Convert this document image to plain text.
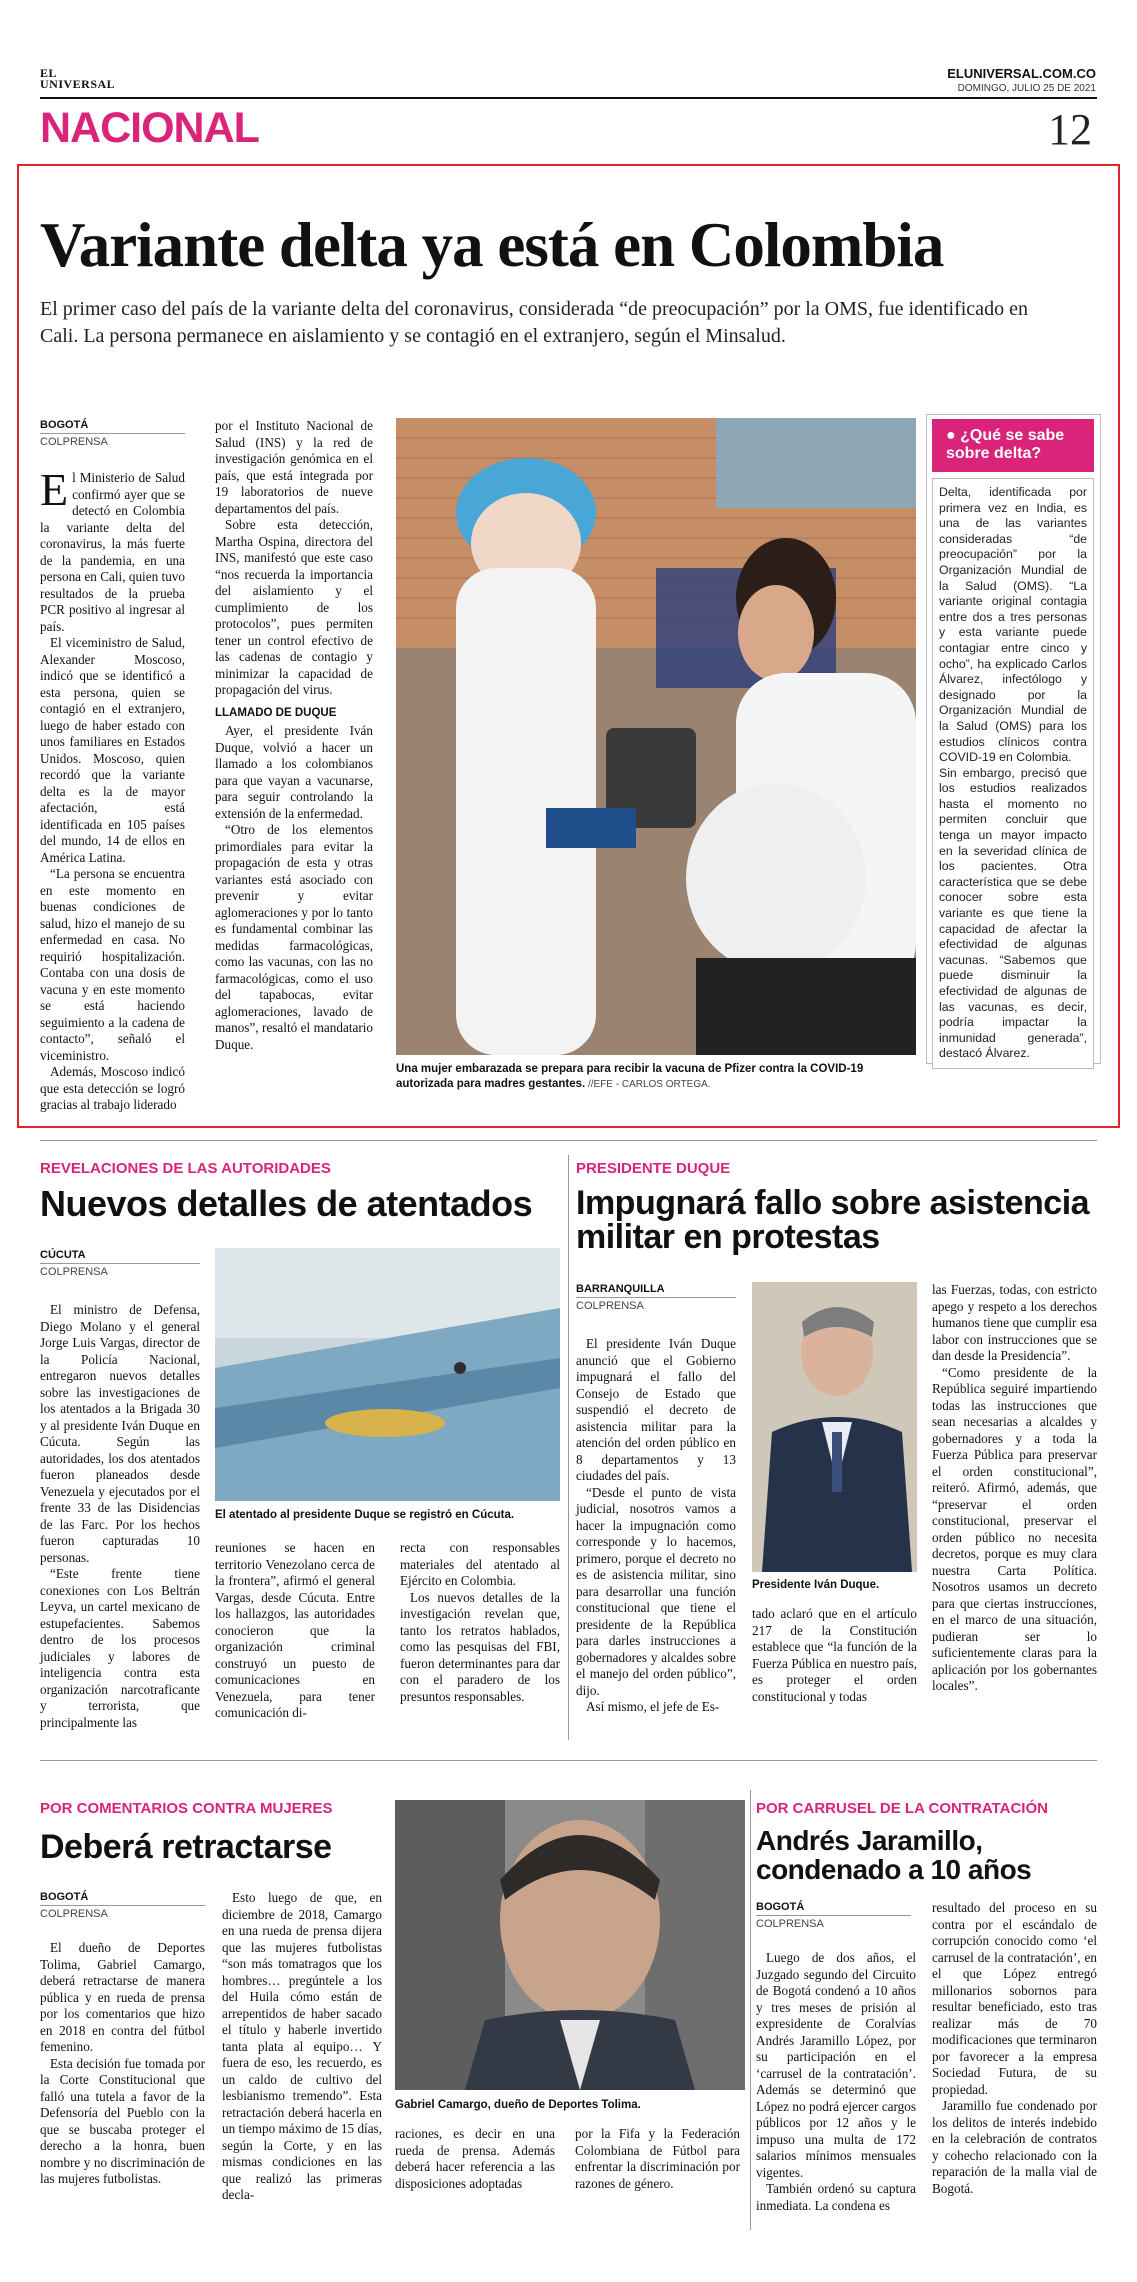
EL
UNIVERSAL
ELUNIVERSAL.COM.CO
DOMINGO, JULIO 25 DE 2021
NACIONAL	12
Variante delta ya está en Colombia
El primer caso del país de la variante delta del coronavirus, considerada “de preocupación” por la OMS, fue identificado en Cali. La persona permanece en aislamiento y se contagió en el extranjero, según el Minsalud.
BOGOTÁ
COLPRENSA

El Ministerio de Salud confirmó ayer que se detectó en Colombia la variante delta del coronavirus, la más fuerte de la pandemia, en una persona en Cali, quien tuvo resultados de la prueba PCR positivo al ingresar al país.

El viceministro de Salud, Alexander Moscoso, indicó que se identificó a esta persona, quien se contagió en el extranjero, luego de haber estado con unos familiares en Estados Unidos. Moscoso, quien recordó que la variante delta es la de mayor afectación, está identificada en 105 países del mundo, 14 de ellos en América Latina.

“La persona se encuentra en este momento en buenas condiciones de salud, hizo el manejo de su enfermedad en casa. No requirió hospitalización. Contaba con una dosis de vacuna y en este momento se está haciendo seguimiento a la cadena de contacto”, señaló el viceministro.

Además, Moscoso indicó que esta detección se logró gracias al trabajo liderado

por el Instituto Nacional de Salud (INS) y la red de investigación genómica en el país, que está integrada por 19 laboratorios de nueve departamentos del país.

Sobre esta detección, Martha Ospina, directora del INS, manifestó que este caso “nos recuerda la importancia del aislamiento y el cumplimiento de los protocolos”, pues permiten tener un control efectivo de las cadenas de contagio y minimizar la capacidad de propagación del virus.

LLAMADO DE DUQUE

Ayer, el presidente Iván Duque, volvió a hacer un llamado a los colombianos para que vayan a vacunarse, para seguir controlando la extensión de la enfermedad.

“Otro de los elementos primordiales para evitar la propagación de esta y otras variantes está asociado con prevenir y evitar aglomeraciones y por lo tanto es fundamental combinar las medidas farmacológicas, como las vacunas, con las no farmacológicas, como el uso del tapabocas, evitar aglomeraciones, lavado de manos”, resaltó el mandatario Duque.

Una mujer embarazada se prepara para recibir la vacuna de Pfizer contra la COVID-19 autorizada para madres gestantes. //EFE - CARLOS ORTEGA.
● ¿Qué se sabe sobre delta?

Delta, identificada por primera vez en India, es una de las variantes consideradas “de preocupación” por la Organización Mundial de la Salud (OMS). “La variante original contagia entre dos a tres personas y esta variante puede contagiar entre cinco y ocho”, ha explicado Carlos Álvarez, infectólogo y designado por la Organización Mundial de la Salud (OMS) para los estudios clínicos contra COVID-19 en Colombia.

Sin embargo, precisó que los estudios realizados hasta el momento no permiten concluir que tenga un mayor impacto en la severidad clínica de los pacientes. Otra característica que se debe conocer sobre esta variante es que tiene la capacidad de afectar la efectividad de algunas vacunas. “Sabemos que puede disminuir la efectividad de algunas de las vacunas, es decir, podría impactar la inmunidad generada”, destacó Álvarez.

REVELACIONES DE LAS AUTORIDADES
Nuevos detalles de atentados
CÚCUTA
COLPRENSA

El ministro de Defensa, Diego Molano y el general Jorge Luis Vargas, director de la Policía Nacional, entregaron nuevos detalles sobre las investigaciones de los atentados a la Brigada 30 y al presidente Iván Duque en Cúcuta. Según las autoridades, los dos atentados fueron planeados desde Venezuela y ejecutados por el frente 33 de las Disidencias de las Farc. Por los hechos fueron capturadas 10 personas.

“Este frente tiene conexiones con Los Beltrán Leyva, un cartel mexicano de estupefacientes. Sabemos dentro de los procesos judiciales y labores de inteligencia contra esta organización narcotraficante y terrorista, que principalmente las

El atentado al presidente Duque se registró en Cúcuta.

reuniones se hacen en territorio Venezolano cerca de la frontera”, afirmó el general Vargas, desde Cúcuta. Entre los hallazgos, las autoridades conocieron que la organización criminal construyó un puesto de comunicaciones en Venezuela, para tener comunicación di-

recta con responsables materiales del atentado al Ejército en Colombia.

Los nuevos detalles de la investigación revelan que, tanto los retratos hablados, como las pesquisas del FBI, fueron determinantes para dar con el paradero de los presuntos responsables.

PRESIDENTE DUQUE
Impugnará fallo sobre asistencia militar en protestas
BARRANQUILLA
COLPRENSA

El presidente Iván Duque anunció que el Gobierno impugnará el fallo del Consejo de Estado que suspendió el decreto de asistencia militar para la atención del orden público en 8 departamentos y 13 ciudades del país.

“Desde el punto de vista judicial, nosotros vamos a hacer la impugnación como corresponde y lo hacemos, primero, porque el decreto no es de asistencia militar, sino para desarrollar una función constitucional que tiene el presidente de la República para darles instrucciones a gobernadores y alcaldes sobre el manejo del orden público”, dijo.

Así mismo, el jefe de Es-

Presidente Iván Duque.

tado aclaró que en el artículo 217 de la Constitución establece que “la función de la Fuerza Pública en nuestro país, es proteger el orden constitucional y todas

las Fuerzas, todas, con estricto apego y respeto a los derechos humanos tiene que cumplir esa labor con instrucciones que se dan desde la Presidencia”.

“Como presidente de la República seguiré impartiendo todas las instrucciones que sean necesarias a alcaldes y gobernadores y a toda la Fuerza Pública para preservar el orden constitucional”, reiteró. Afirmó, además, que “preservar el orden constitucional, preservar el orden público no necesita decretos, porque es muy clara nuestra Carta Política. Nosotros usamos un decreto para que ciertas instrucciones, en el marco de una situación, pudieran ser lo suficientemente claras para la aplicación por los gobernantes locales”.

POR COMENTARIOS CONTRA MUJERES
Deberá retractarse
BOGOTÁ
COLPRENSA

El dueño de Deportes Tolima, Gabriel Camargo, deberá retractarse de manera pública y en rueda de prensa por los comentarios que hizo en 2018 en contra del fútbol femenino.

Esta decisión fue tomada por la Corte Constitucional que falló una tutela a favor de la Defensoría del Pueblo con la que se buscaba proteger el derecho a la honra, buen nombre y no discriminación de las mujeres futbolistas.

Esto luego de que, en diciembre de 2018, Camargo en una rueda de prensa dijera que las mujeres futbolistas “son más tomatragos que los hombres… pregúntele a los del Huila cómo están de arrepentidos de haber sacado el título y haberle invertido tanta plata al equipo… Y fuera de eso, les recuerdo, es un caldo de cultivo del lesbianismo tremendo”. Esta retractación deberá hacerla en un tiempo máximo de 15 días, según la Corte, y en las mismas condiciones en las que realizó las primeras decla-

Gabriel Camargo, dueño de Deportes Tolima.

raciones, es decir en una rueda de prensa. Además deberá hacer referencia a las disposiciones adoptadas

por la Fifa y la Federación Colombiana de Fútbol para enfrentar la discriminación por razones de género.

POR CARRUSEL DE LA CONTRATACIÓN
Andrés Jaramillo, condenado a 10 años
BOGOTÁ
COLPRENSA

Luego de dos años, el Juzgado segundo del Circuito de Bogotá condenó a 10 años y tres meses de prisión al expresidente de Coralvías Andrés Jaramillo López, por su participación en el ‘carrusel de la contratación’. Además se determinó que López no podrá ejercer cargos públicos por 12 años y le impuso una multa de 172 salarios mínimos mensuales vigentes.

También ordenó su captura inmediata. La condena es

resultado del proceso en su contra por el escándalo de corrupción conocido como ‘el carrusel de la contratación’, en el que López entregó millonarios sobornos para resultar beneficiado, esto tras realizar más de 70 modificaciones que terminaron por favorecer a la empresa Sociedad Futura, de su propiedad.

Jaramillo fue condenado por los delitos de interés indebido en la celebración de contratos y cohecho relacionado con la reparación de la malla vial de Bogotá.
